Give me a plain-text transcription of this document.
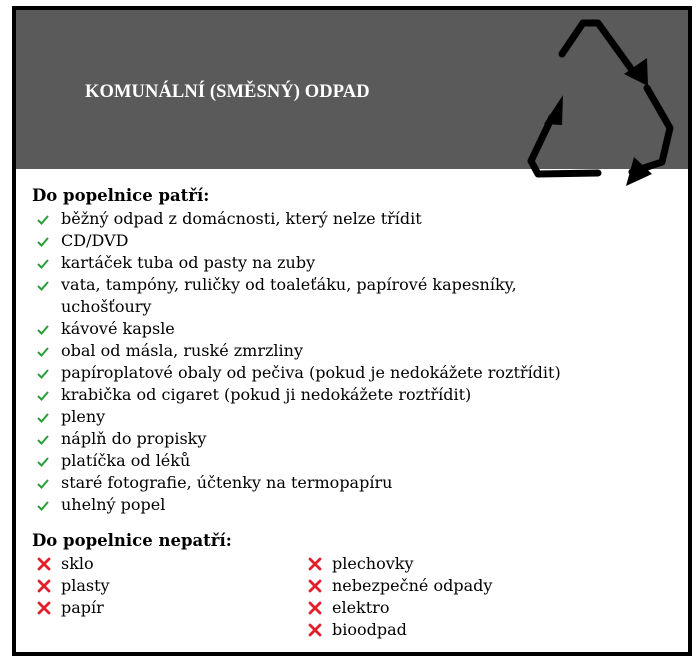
KOMUNÁLNÍ (SMĚSNÝ) ODPAD
Do popelnice patří:
běžný odpad z domácnosti, který nelze třídit
CD/DVD
kartáček tuba od pasty na zuby
vata, tampóny, ruličky od toaleťáku, papírové kapesníky,
uchošťoury
kávové kapsle
obal od másla, ruské zmrzliny
papíroplatové obaly od pečiva (pokud je nedokážete roztřídit)
krabička od cigaret (pokud ji nedokážete roztřídit)
pleny
náplň do propisky
platíčka od léků
staré fotografie, účtenky na termopapíru
uhelný popel
Do popelnice nepatří:
sklo
plasty
papír
plechovky
nebezpečné odpady
elektro
bioodpad
